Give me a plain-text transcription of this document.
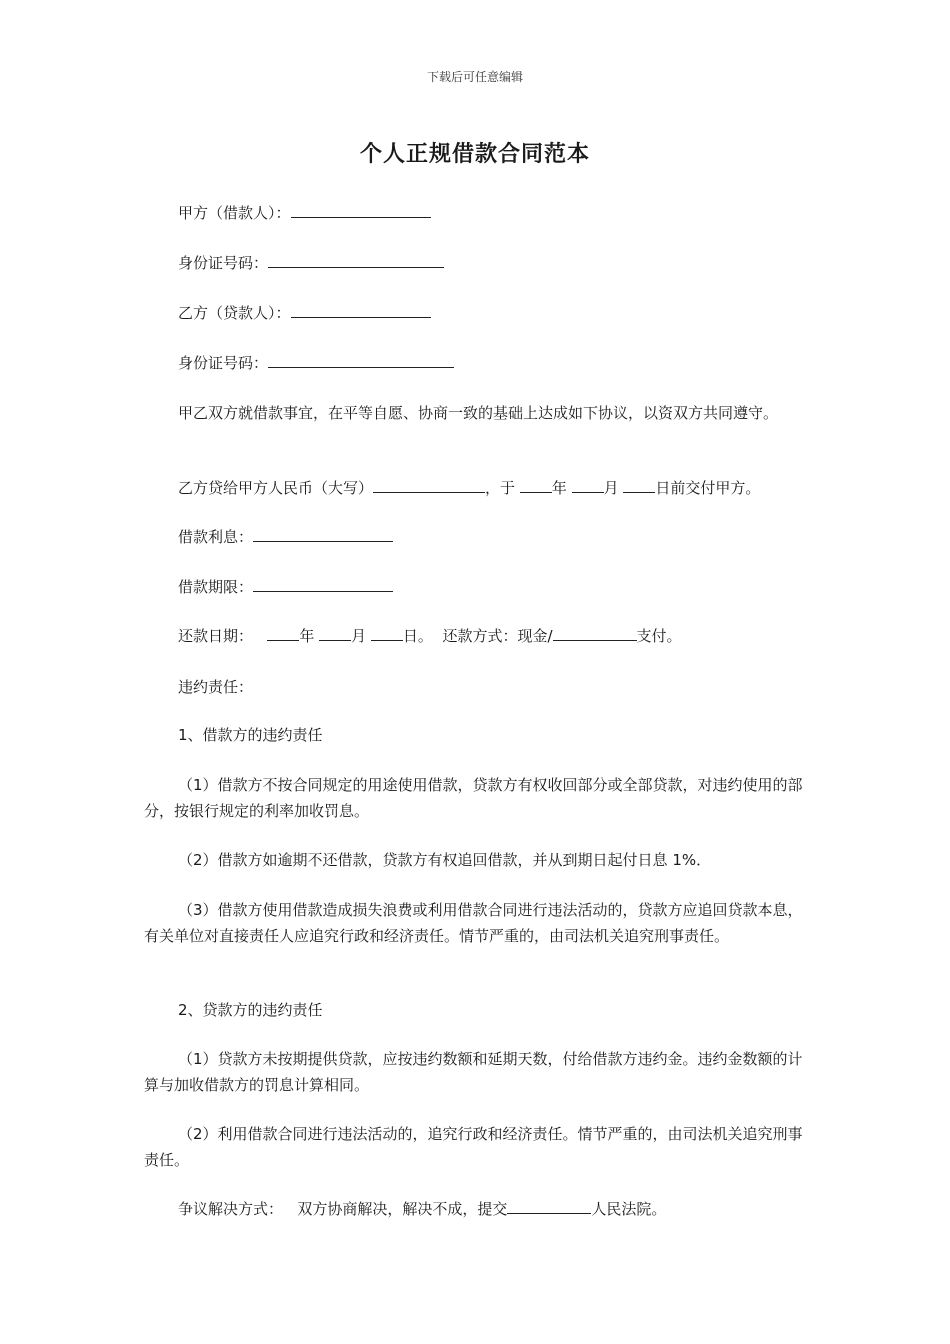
下载后可任意编辑
个人正规借款合同范本
甲方（借款人）：
身份证号码：
乙方（贷款人）：
身份证号码：
甲乙双方就借款事宜，在平等自愿、协商一致的基础上达成如下协议，以资双方共同遵守。
乙方贷给甲方人民币（大写）	，于 年 月 日前交付甲方。
借款利息：
借款期限：
还款日期：	年 月 日。 还款方式：现金/	支付。
违约责任：
1、借款方的违约责任
（1）借款方不按合同规定的用途使用借款，贷款方有权收回部分或全部贷款，对违约使用的部分，按银行规定的利率加收罚息。
（2）借款方如逾期不还借款，贷款方有权追回借款，并从到期日起付日息 1%．
（3）借款方使用借款造成损失浪费或利用借款合同进行违法活动的，贷款方应追回贷款本息，有关单位对直接责任人应追究行政和经济责任。情节严重的，由司法机关追究刑事责任。
2、贷款方的违约责任
（1）贷款方未按期提供贷款，应按违约数额和延期天数，付给借款方违约金。违约金数额的计算与加收借款方的罚息计算相同。
（2）利用借款合同进行违法活动的，追究行政和经济责任。情节严重的，由司法机关追究刑事责任。
争议解决方式： 双方协商解决，解决不成，提交	人民法院。
